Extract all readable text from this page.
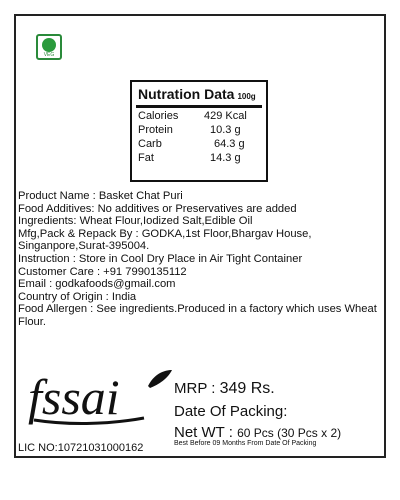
VEG
Nutration Data 100g
Calories 429 Kcal
Protein	10.3 g
Carb	64.3 g
Fat	14.3 g
Product Name : Basket Chat Puri
Food Additives: No additives or Preservatives are added
Ingredients: Wheat Flour,Iodized Salt,Edible Oil
Mfg,Pack & Repack By : GODKA,1st Floor,Bhargav House,
Singanpore,Surat-395004.
Instruction : Store in Cool Dry Place in Air Tight Container
Customer Care : +91 7990135112
Email : godkafoods@gmail.com
Country of Origin : India
Food Allergen : See ingredients.Produced in a factory which uses Wheat Flour.
fssai
LIC NO:10721031000162
MRP : 349 Rs.
Date Of Packing:
Net WT : 60 Pcs (30 Pcs x 2)
Best Before 09 Months From Date Of Packing
